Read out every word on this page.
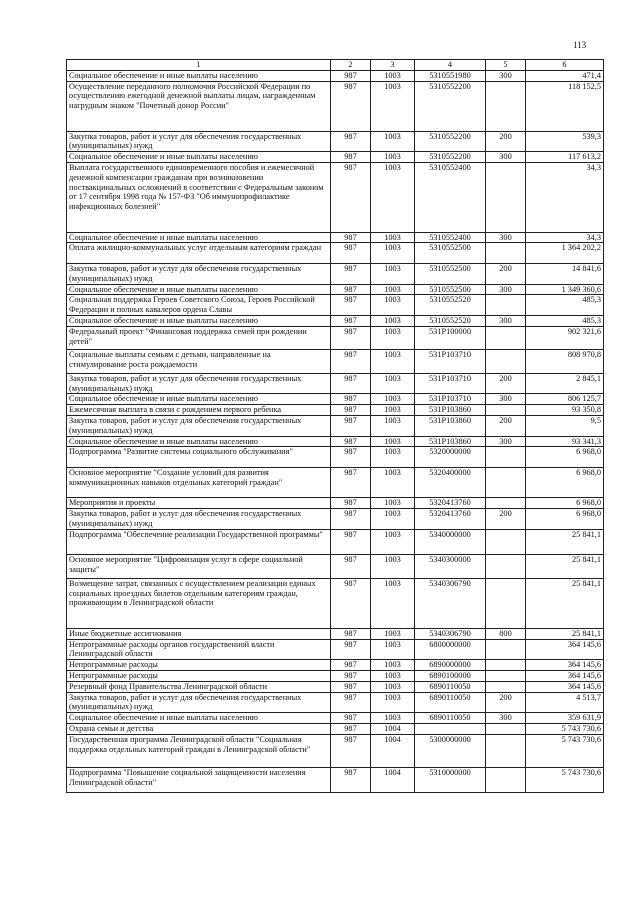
113
1	2	3	4	5	6
Социальное обеспечение и иные выплаты населению	987	1003	5310551980	300	471,4
Осуществление переданного полномочия Российской Федерации по осуществлению ежегодной денежной выплаты лицам, награжденным нагрудным знаком "Почетный донор России"	987	1003	5310552200		118 152,5
Закупка товаров, работ и услуг для обеспечения государственных (муниципальных) нужд	987	1003	5310552200	200	539,3
Социальное обеспечение и иные выплаты населению	987	1003	5310552200	300	117 613,2
Выплата государственного единовременного пособия и ежемесячной денежной компенсации гражданам при возникновении поствакцинальных осложнений в соответствии с Федеральным законом от 17 сентября 1998 года № 157-ФЗ "Об иммунопрофилактике инфекционных болезней"	987	1003	5310552400		34,3
Социальное обеспечение и иные выплаты населению	987	1003	5310552400	300	34,3
Оплата жилищно-коммунальных услуг отдельным категориям граждан	987	1003	5310552500		1 364 202,2
Закупка товаров, работ и услуг для обеспечения государственных (муниципальных) нужд	987	1003	5310552500	200	14 841,6
Социальное обеспечение и иные выплаты населению	987	1003	5310552500	300	1 349 360,6
Социальная поддержка Героев Советского Союза, Героев Российской Федерации и полных кавалеров ордена Славы	987	1003	5310552520		485,3
Социальное обеспечение и иные выплаты населению	987	1003	5310552520	300	485,3
Федеральный проект "Финансовая поддержка семей при рождении детей"	987	1003	531P100000		902 321,6
Социальные выплаты семьям с детьми, направленные на стимулирование роста рождаемости	987	1003	531P103710		808 970,8
Закупка товаров, работ и услуг для обеспечения государственных (муниципальных) нужд	987	1003	531P103710	200	2 845,1
Социальное обеспечение и иные выплаты населению	987	1003	531P103710	300	806 125,7
Ежемесячная выплата в связи с рождением первого ребенка	987	1003	531P103860		93 350,8
Закупка товаров, работ и услуг для обеспечения государственных (муниципальных) нужд	987	1003	531P103860	200	9,5
Социальное обеспечение и иные выплаты населению	987	1003	531P103860	300	93 341,3
Подпрограмма "Развитие системы социального обслуживания"	987	1003	5320000000		6 968,0
Основное мероприятие "Создание условий для развития коммуникационных навыков отдельных категорий граждан"	987	1003	5320400000		6 968,0
Мероприятия и проекты	987	1003	5320413760		6 968,0
Закупка товаров, работ и услуг для обеспечения государственных (муниципальных) нужд	987	1003	5320413760	200	6 968,0
Подпрограмма "Обеспечение реализации Государственной программы"	987	1003	5340000000		25 841,1
Основное мероприятие "Цифровизация услуг в сфере социальной защиты"	987	1003	5340300000		25 841,1
Возмещение затрат, связанных с осуществлением реализации единых социальных проездных билетов отдельным категориям граждан, проживающим в Ленинградской области	987	1003	5340306790		25 841,1
Иные бюджетные ассигнования	987	1003	5340306790	800	25 841,1
Непрограммные расходы органов государственной власти Ленинградской области	987	1003	6800000000		364 145,6
Непрограммные расходы	987	1003	6890000000		364 145,6
Непрограммные расходы	987	1003	6890100000		364 145,6
Резервный фонд Правительства Ленинградской области	987	1003	6890110050		364 145,6
Закупка товаров, работ и услуг для обеспечения государственных (муниципальных) нужд	987	1003	6890110050	200	4 513,7
Социальное обеспечение и иные выплаты населению	987	1003	6890110050	300	359 631,9
Охрана семьи и детства	987	1004			5 743 730,6
Государственная программа Ленинградской области "Социальная поддержка отдельных категорий граждан в Ленинградской области"	987	1004	5300000000		5 743 730,6
Подпрограмма "Повышение социальной защищенности населения Ленинградской области"	987	1004	5310000000		5 743 730,6
